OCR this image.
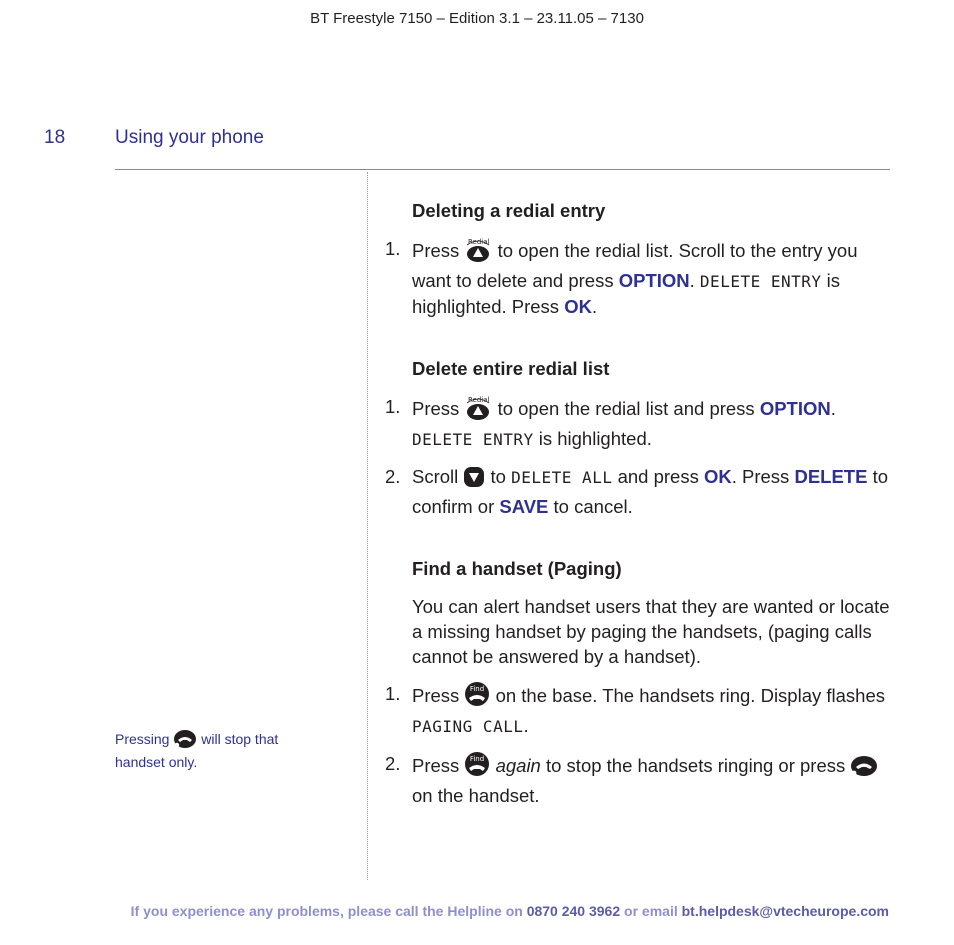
BT Freestyle 7150 – Edition 3.1 – 23.11.05 – 7130
18	Using your phone
Pressing will stop that handset only.
Deleting a redial entry
1. Press Redial to open the redial list. Scroll to the entry you want to delete and press OPTION. DELETE ENTRY is highlighted. Press OK.
Delete entire redial list
1. Press Redial to open the redial list and press OPTION. DELETE ENTRY is highlighted.
2. Scroll to DELETE ALL and press OK. Press DELETE to confirm or SAVE to cancel.
Find a handset (Paging)
You can alert handset users that they are wanted or locate a missing handset by paging the handsets, (paging calls cannot be answered by a handset).
1. Press Find on the base. The handsets ring. Display flashes PAGING CALL.
2. Press Find again to stop the handsets ringing or press  on the handset.
If you experience any problems, please call the Helpline on 0870 240 3962 or email bt.helpdesk@vtecheurope.com
